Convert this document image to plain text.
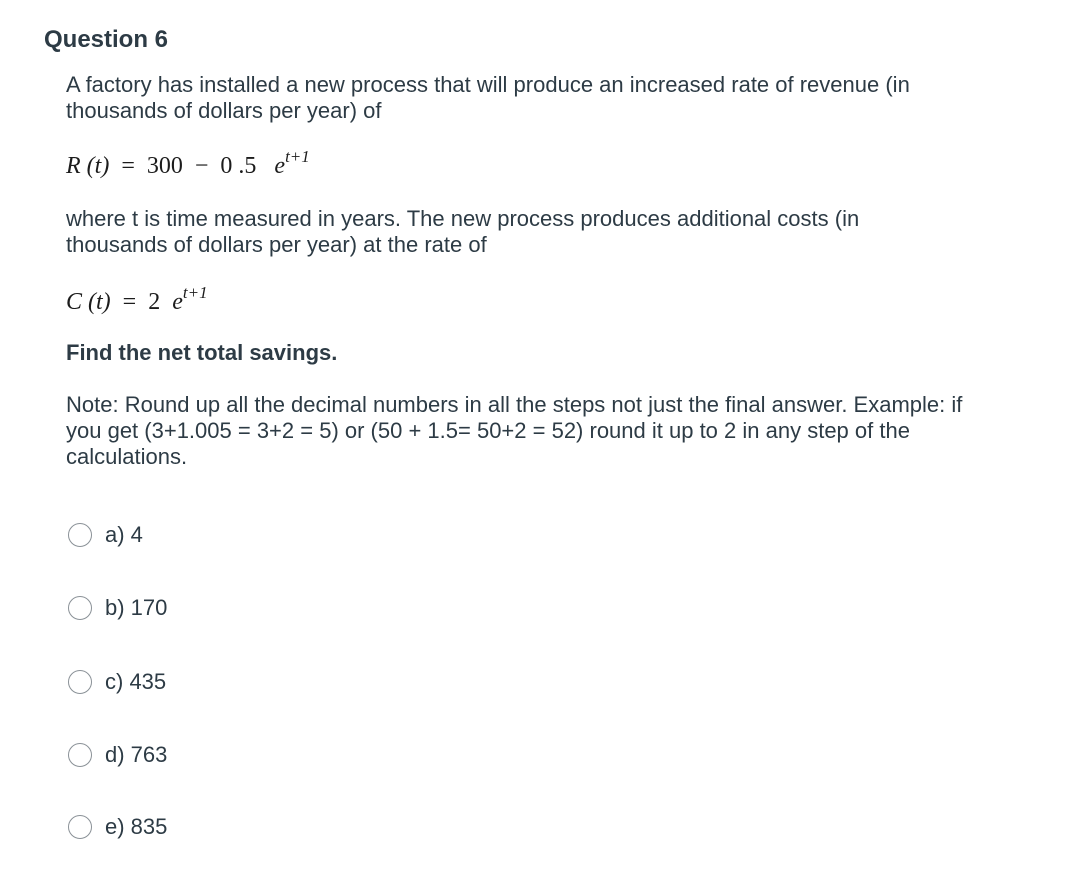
Question 6
A factory has installed a new process that will produce an increased rate of revenue (in thousands of dollars per year) of
R (t) = 300 − 0 .5 $e^{t+1}$
where t is time measured in years. The new process produces additional costs (in thousands of dollars per year) at the rate of
C (t) = 2 $e^{t+1}$
Find the net total savings.
Note: Round up all the decimal numbers in all the steps not just the final answer. Example: if you get (3+1.005 = 3+2 = 5) or (50 + 1.5= 50+2 = 52) round it up to 2 in any step of the calculations.
a) 4
b) 170
c) 435
d) 763
e) 835
